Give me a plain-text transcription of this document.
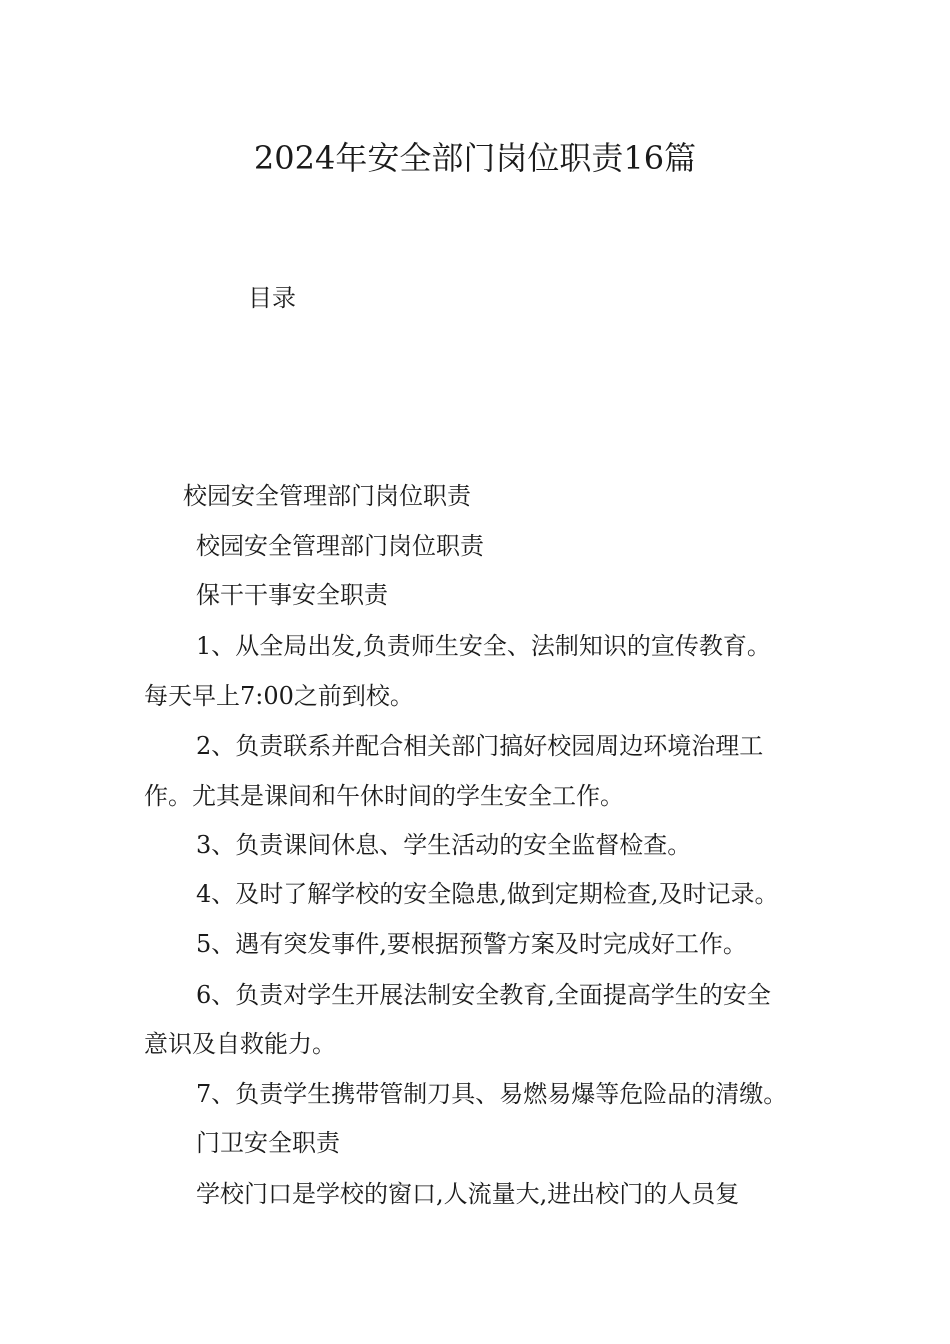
2024年安全部门岗位职责16篇
目录
校园安全管理部门岗位职责
校园安全管理部门岗位职责
保干干事安全职责
1、从全局出发,负责师生安全、法制知识的宣传教育。
每天早上7:00之前到校。
2、负责联系并配合相关部门搞好校园周边环境治理工
作。尤其是课间和午休时间的学生安全工作。
3、负责课间休息、学生活动的安全监督检查。
4、及时了解学校的安全隐患,做到定期检查,及时记录。
5、遇有突发事件,要根据预警方案及时完成好工作。
6、负责对学生开展法制安全教育,全面提高学生的安全
意识及自救能力。
7、负责学生携带管制刀具、易燃易爆等危险品的清缴。
门卫安全职责
学校门口是学校的窗口,人流量大,进出校门的人员复
